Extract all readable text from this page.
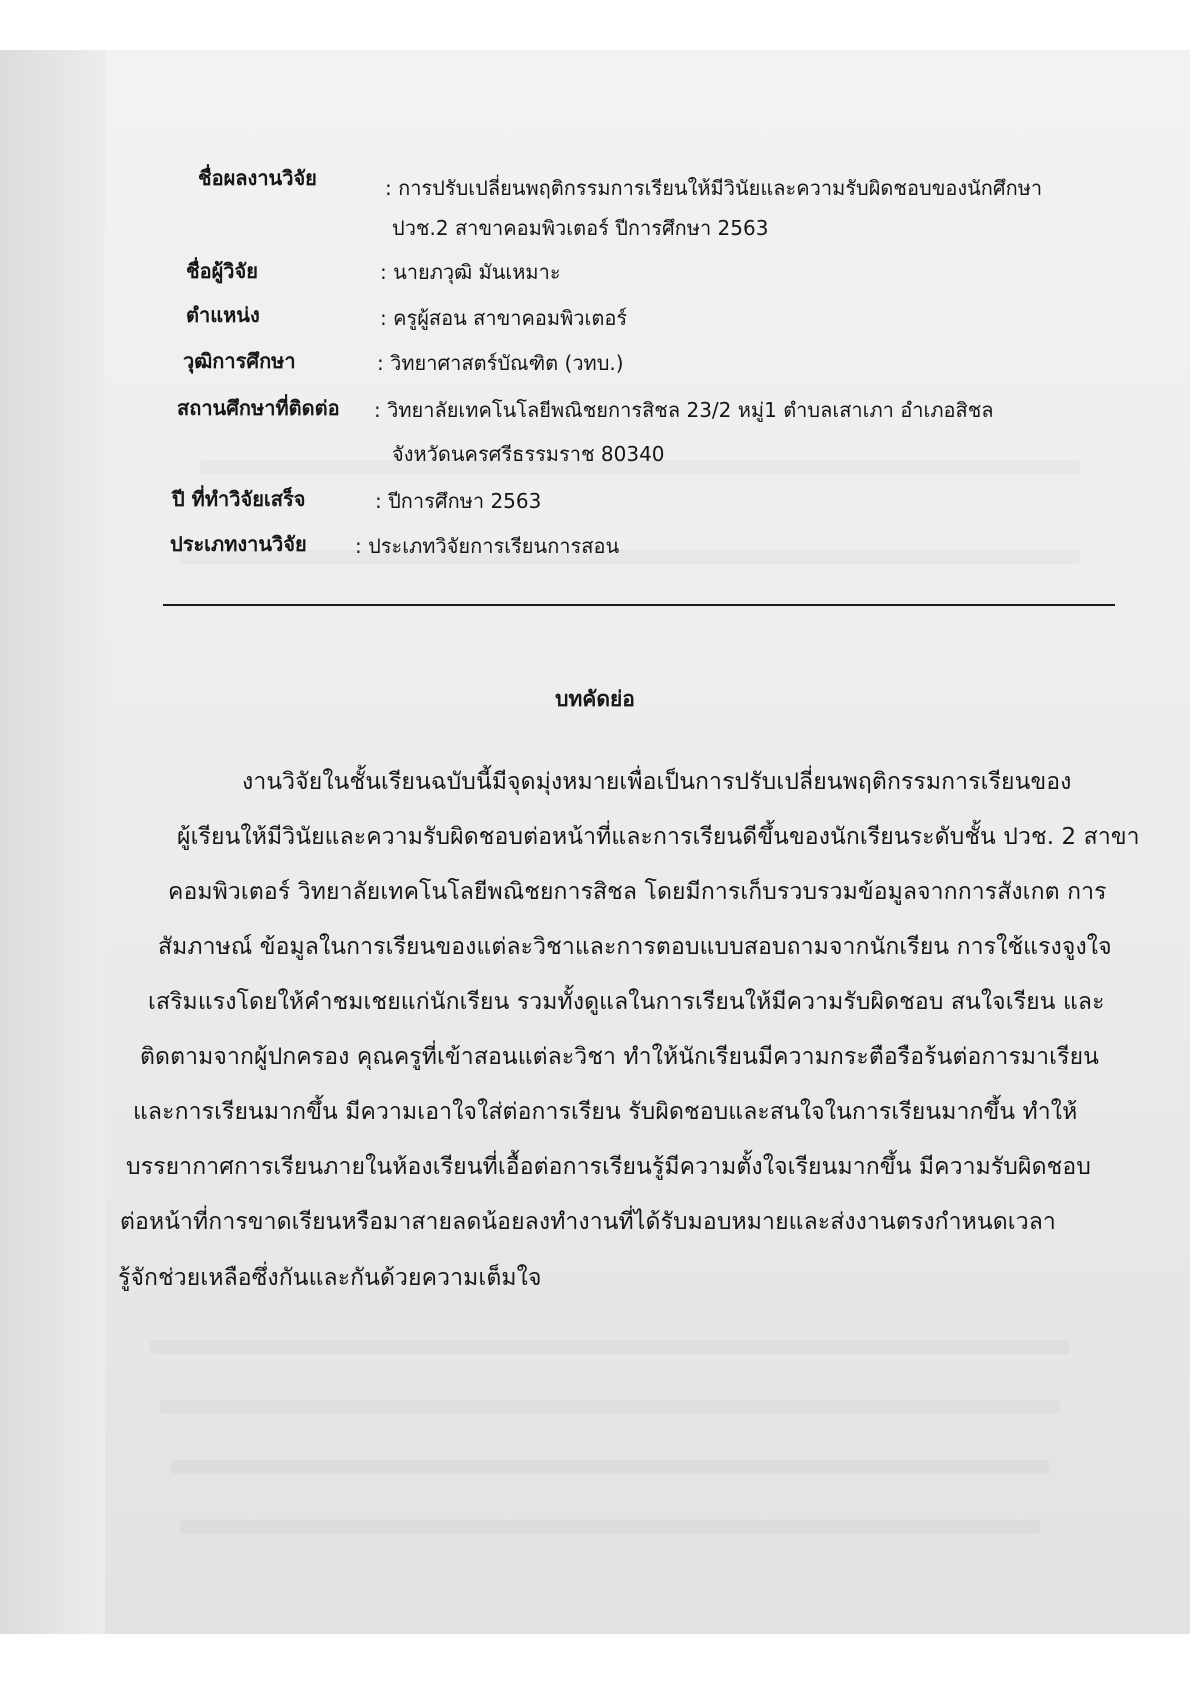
ชื่อผลงานวิจัย	: การปรับเปลี่ยนพฤติกรรมการเรียนให้มีวินัยและความรับผิดชอบของนักศึกษา
ปวช.2 สาขาคอมพิวเตอร์ ปีการศึกษา 2563
ชื่อผู้วิจัย	: นายภวุฒิ มันเหมาะ
ตำแหน่ง	: ครูผู้สอน สาขาคอมพิวเตอร์
วุฒิการศึกษา	: วิทยาศาสตร์บัณฑิต (วทบ.)
สถานศึกษาที่ติดต่อ : วิทยาลัยเทคโนโลยีพณิชยการสิชล 23/2 หมู่1 ตำบลเสาเภา อำเภอสิชล
จังหวัดนครศรีธรรมราช 80340
ปี ที่ทำวิจัยเสร็จ	: ปีการศึกษา 2563
ประเภทงานวิจัย : ประเภทวิจัยการเรียนการสอน
บทคัดย่อ
งานวิจัยในชั้นเรียนฉบับนี้มีจุดมุ่งหมายเพื่อเป็นการปรับเปลี่ยนพฤติกรรมการเรียนของ
ผู้เรียนให้มีวินัยและความรับผิดชอบต่อหน้าที่และการเรียนดีขึ้นของนักเรียนระดับชั้น ปวช. 2 สาขา
คอมพิวเตอร์ วิทยาลัยเทคโนโลยีพณิชยการสิชล โดยมีการเก็บรวบรวมข้อมูลจากการสังเกต การ
สัมภาษณ์ ข้อมูลในการเรียนของแต่ละวิชาและการตอบแบบสอบถามจากนักเรียน การใช้แรงจูงใจ
เสริมแรงโดยให้คำชมเชยแก่นักเรียน รวมทั้งดูแลในการเรียนให้มีความรับผิดชอบ สนใจเรียน และ
ติดตามจากผู้ปกครอง คุณครูที่เข้าสอนแต่ละวิชา ทำให้นักเรียนมีความกระตือรือร้นต่อการมาเรียน
และการเรียนมากขึ้น มีความเอาใจใส่ต่อการเรียน รับผิดชอบและสนใจในการเรียนมากขึ้น ทำให้
บรรยากาศการเรียนภายในห้องเรียนที่เอื้อต่อการเรียนรู้มีความตั้งใจเรียนมากขึ้น มีความรับผิดชอบ
ต่อหน้าที่การขาดเรียนหรือมาสายลดน้อยลงทำงานที่ได้รับมอบหมายและส่งงานตรงกำหนดเวลา
รู้จักช่วยเหลือซึ่งกันและกันด้วยความเต็มใจ
